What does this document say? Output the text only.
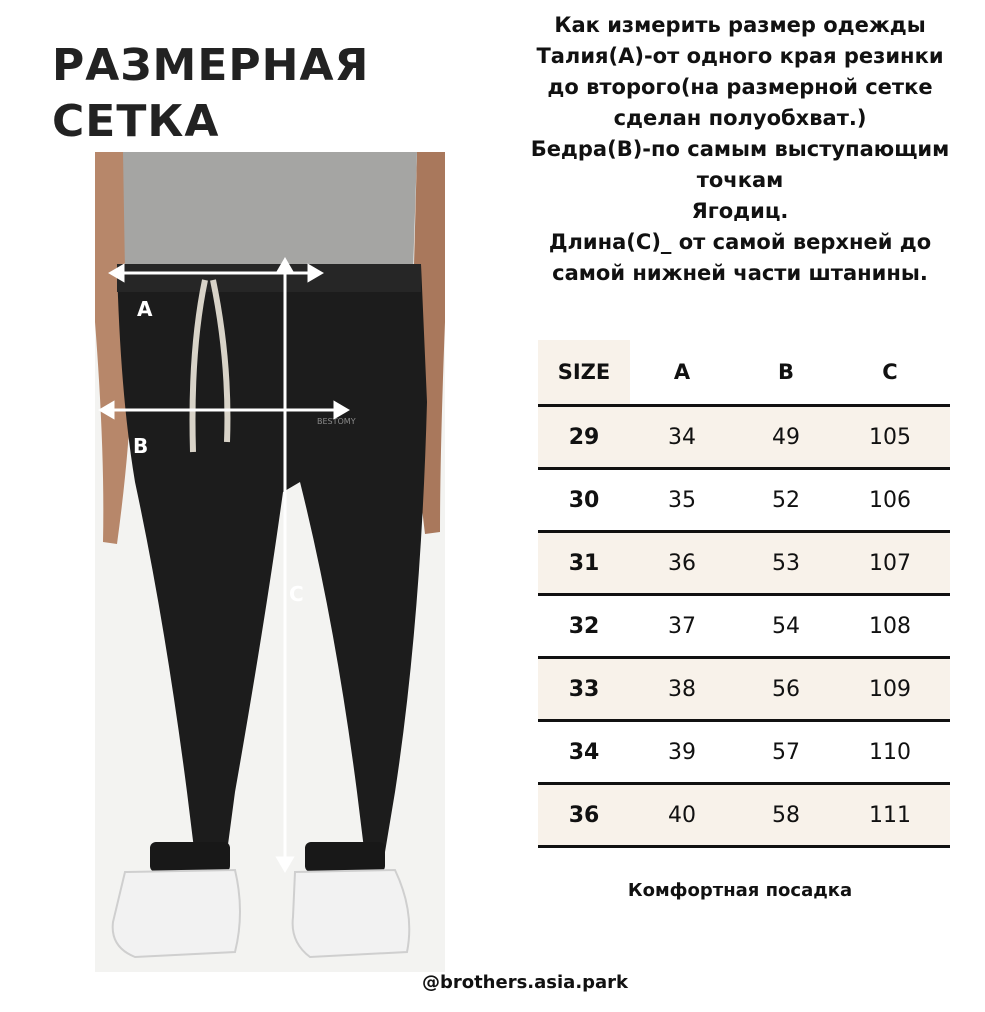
РАЗМЕРНАЯ
СЕТКА
Как измерить размер одежды
Талия(A)-от одного края резинки
до второго(на размерной сетке
сделан полуобхват.)
Бедра(B)-по самым выступающим
точкам
Ягодиц.
Длина(C)_ от самой верхней до
самой нижней части штанины.
BESTOMY
A
B
C
SIZE	A	B	C
29	34	49	105
30	35	52	106
31	36	53	107
32	37	54	108
33	38	56	109
34	39	57	110
36	40	58	111
Комфортная посадка
@brothers.asia.park
